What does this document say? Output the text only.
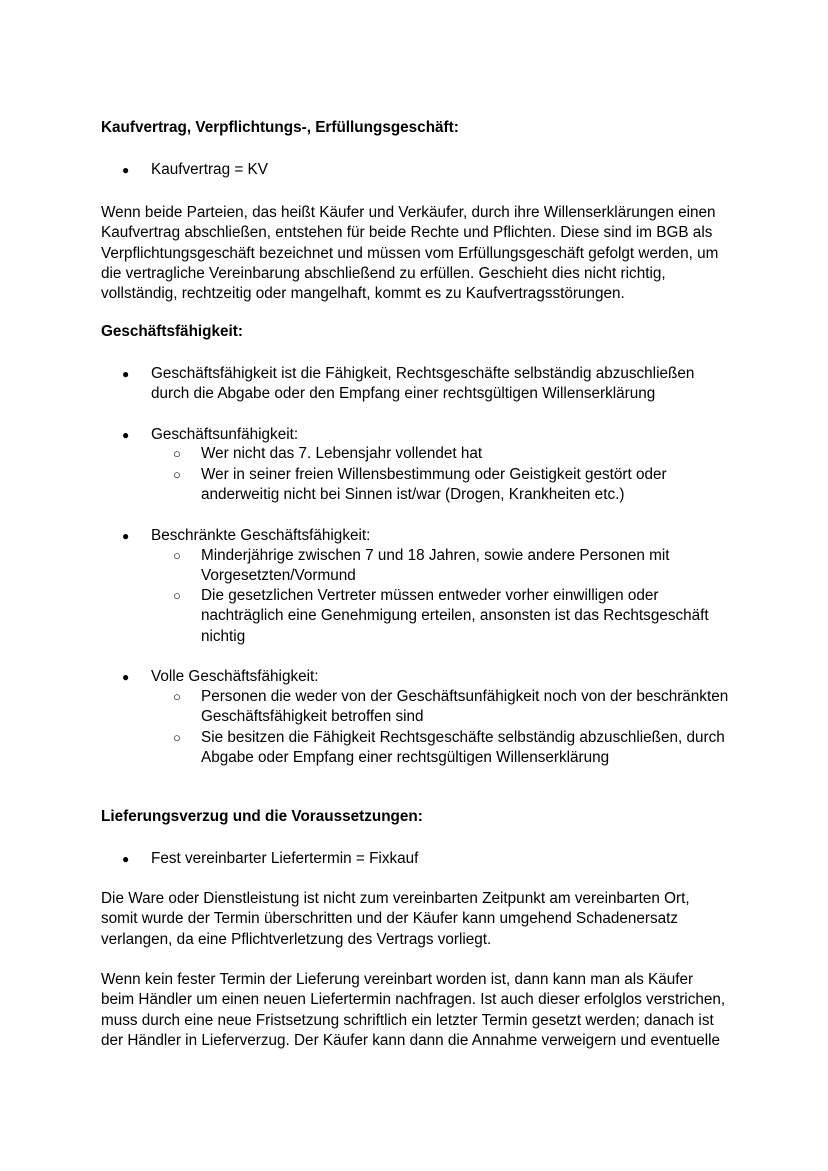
Kaufvertrag, Verpflichtungs-, Erfüllungsgeschäft:
●	Kaufvertrag = KV
Wenn beide Parteien, das heißt Käufer und Verkäufer, durch ihre Willenserklärungen einen
Kaufvertrag abschließen, entstehen für beide Rechte und Pflichten. Diese sind im BGB als
Verpflichtungsgeschäft bezeichnet und müssen vom Erfüllungsgeschäft gefolgt werden, um
die vertragliche Vereinbarung abschließend zu erfüllen. Geschieht dies nicht richtig,
vollständig, rechtzeitig oder mangelhaft, kommt es zu Kaufvertragsstörungen.
Geschäftsfähigkeit:
●	Geschäftsfähigkeit ist die Fähigkeit, Rechtsgeschäfte selbständig abzuschließen
durch die Abgabe oder den Empfang einer rechtsgültigen Willenserklärung
●	Geschäftsunfähigkeit:
○ Wer nicht das 7. Lebensjahr vollendet hat
○ Wer in seiner freien Willensbestimmung oder Geistigkeit gestört oder
anderweitig nicht bei Sinnen ist/war (Drogen, Krankheiten etc.)
●	Beschränkte Geschäftsfähigkeit:
○ Minderjährige zwischen 7 und 18 Jahren, sowie andere Personen mit
Vorgesetzten/Vormund
○ Die gesetzlichen Vertreter müssen entweder vorher einwilligen oder
nachträglich eine Genehmigung erteilen, ansonsten ist das Rechtsgeschäft
nichtig
●	Volle Geschäftsfähigkeit:
○ Personen die weder von der Geschäftsunfähigkeit noch von der beschränkten
Geschäftsfähigkeit betroffen sind
○ Sie besitzen die Fähigkeit Rechtsgeschäfte selbständig abzuschließen, durch
Abgabe oder Empfang einer rechtsgültigen Willenserklärung
Lieferungsverzug und die Voraussetzungen:
●	Fest vereinbarter Liefertermin = Fixkauf
Die Ware oder Dienstleistung ist nicht zum vereinbarten Zeitpunkt am vereinbarten Ort,
somit wurde der Termin überschritten und der Käufer kann umgehend Schadenersatz
verlangen, da eine Pflichtverletzung des Vertrags vorliegt.
Wenn kein fester Termin der Lieferung vereinbart worden ist, dann kann man als Käufer
beim Händler um einen neuen Liefertermin nachfragen. Ist auch dieser erfolglos verstrichen,
muss durch eine neue Fristsetzung schriftlich ein letzter Termin gesetzt werden; danach ist
der Händler in Lieferverzug. Der Käufer kann dann die Annahme verweigern und eventuelle
